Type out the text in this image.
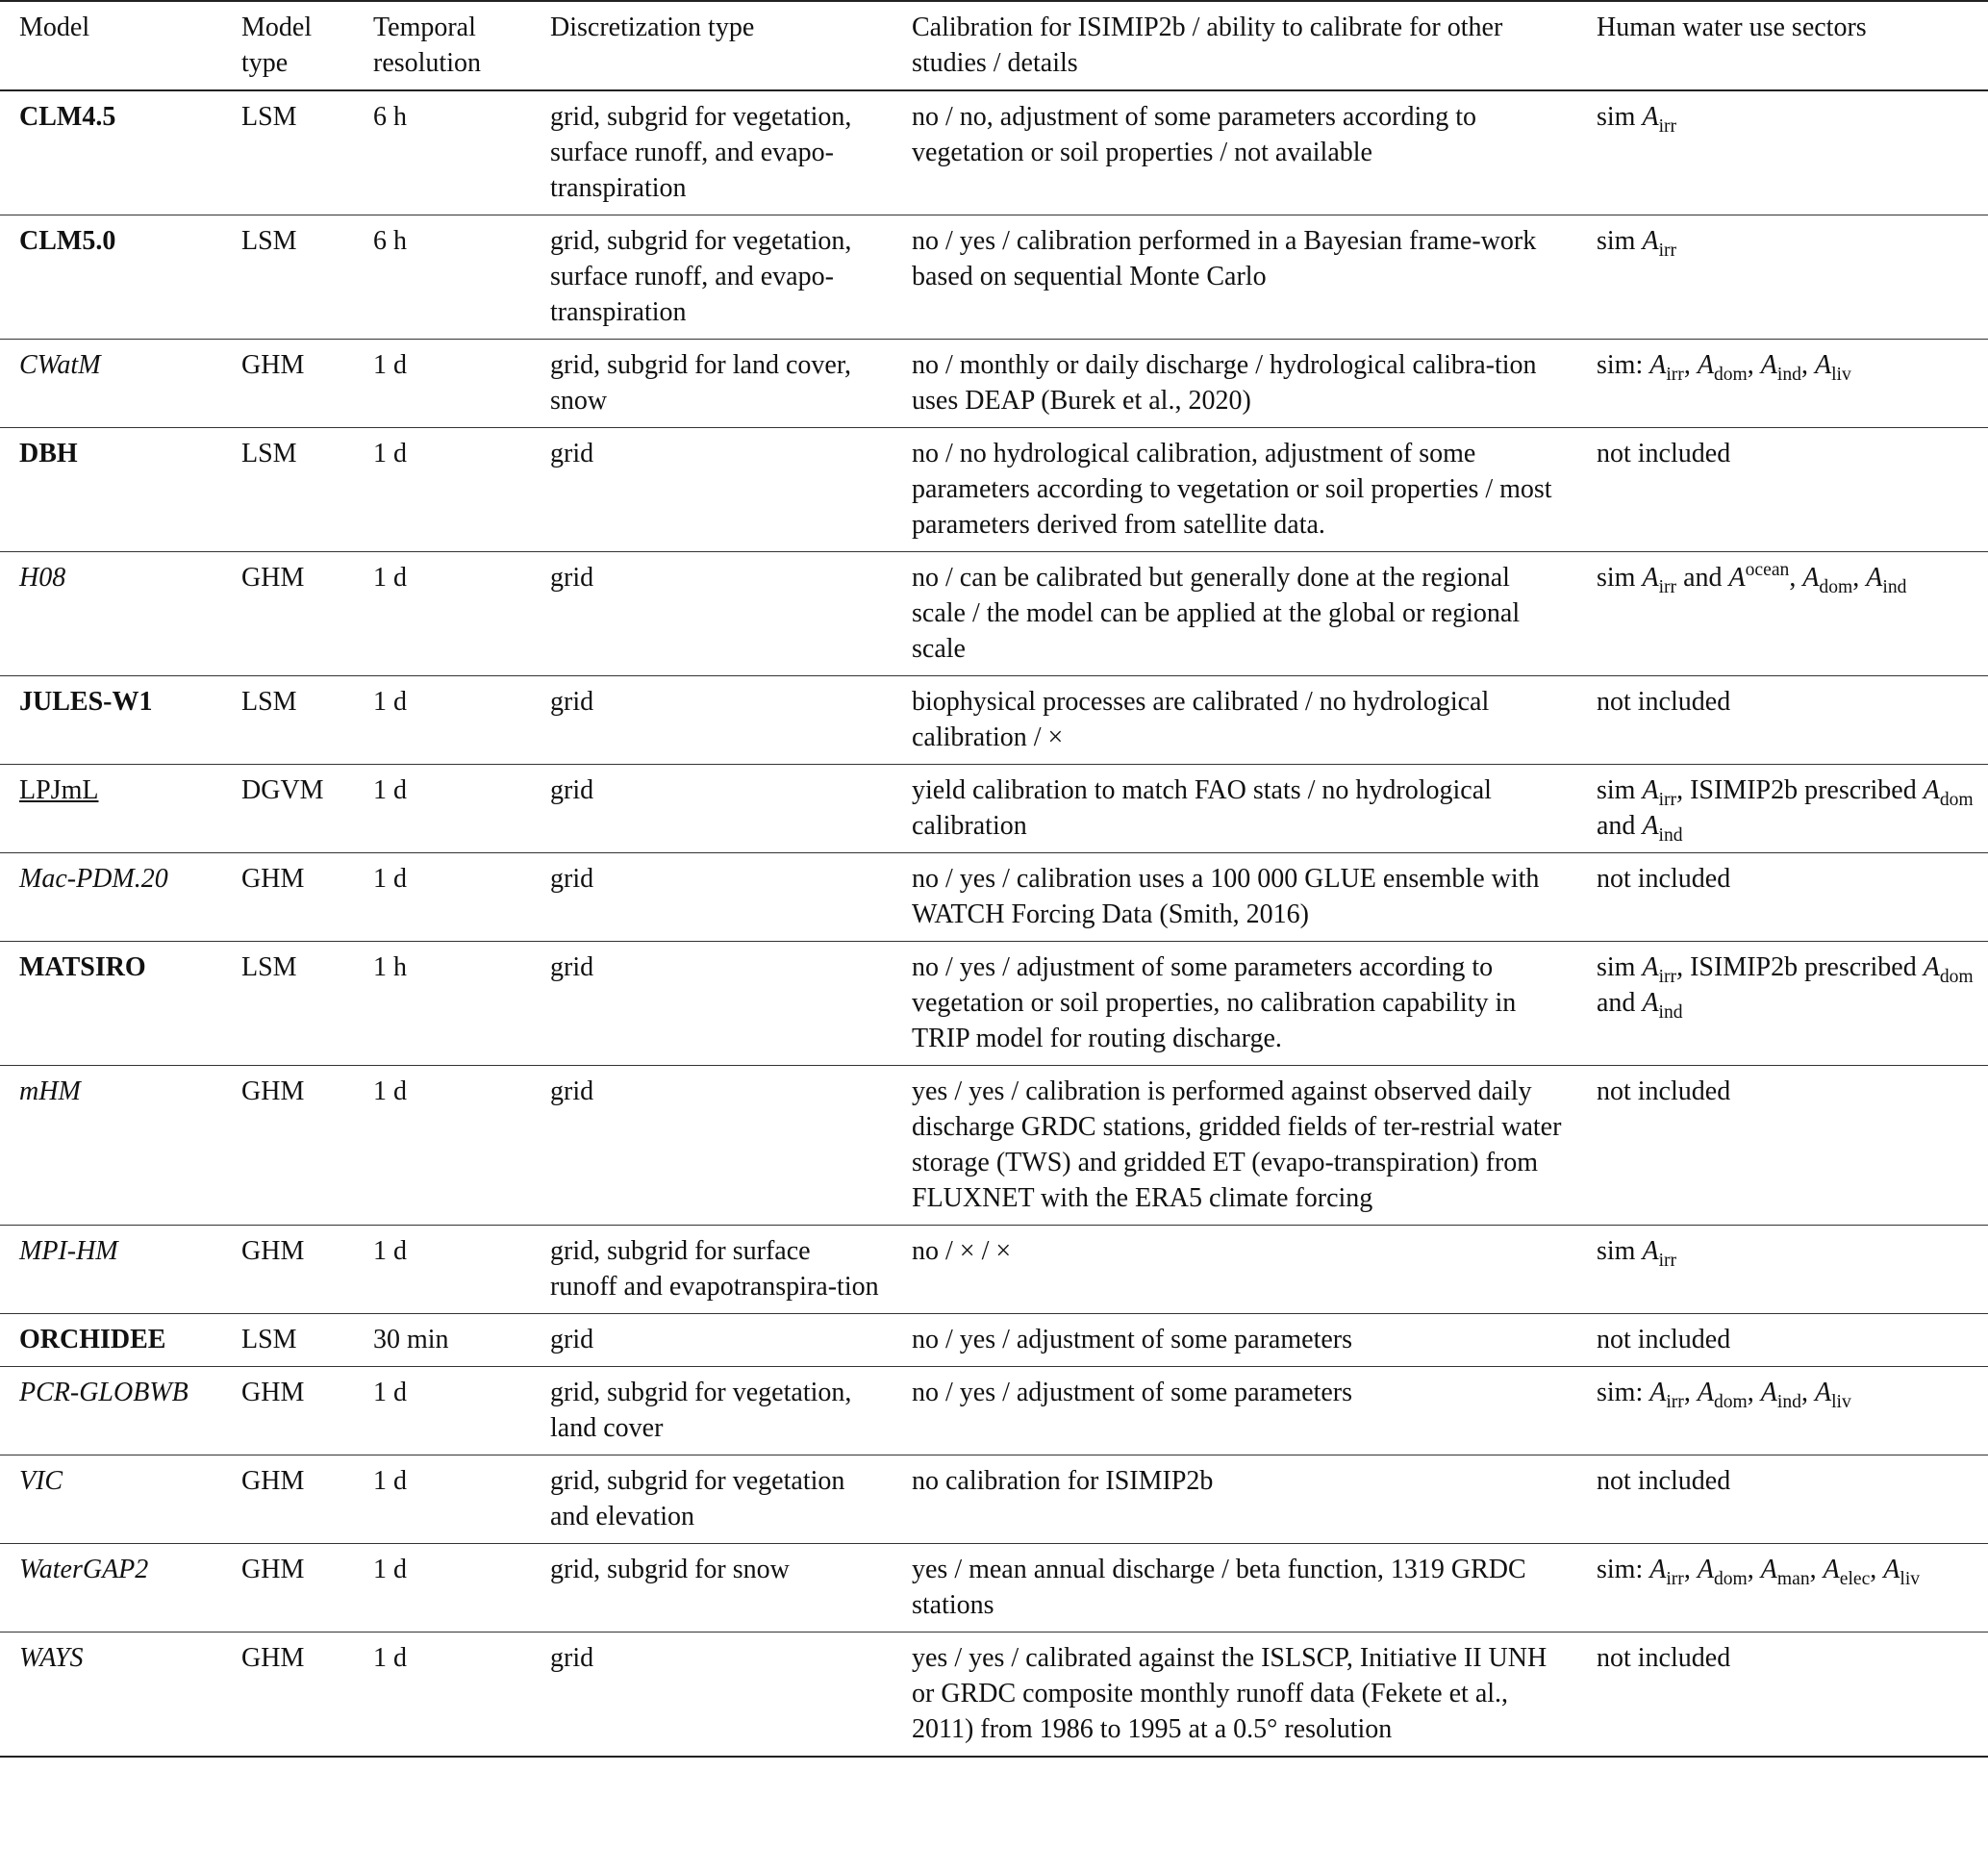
Model	Model type	Temporal resolution	Discretization type	Calibration for ISIMIP2b / ability to calibrate for other studies / details	Human water use sectors
CLM4.5	LSM	6 h	grid, subgrid for vegetation, surface runoff, and evapo-transpiration	no / no, adjustment of some parameters according to vegetation or soil properties / not available	sim $A_{irr}$
CLM5.0	LSM	6 h	grid, subgrid for vegetation, surface runoff, and evapo-transpiration	no / yes / calibration performed in a Bayesian frame-work based on sequential Monte Carlo	sim $A_{irr}$
CWatM	GHM	1 d	grid, subgrid for land cover, snow	no / monthly or daily discharge / hydrological calibra-tion uses DEAP (Burek et al., 2020)	sim: $A_{irr}$, $A_{dom}$, $A_{ind}$, $A_{liv}$
DBH	LSM	1 d	grid	no / no hydrological calibration, adjustment of some parameters according to vegetation or soil properties / most parameters derived from satellite data.	not included
H08	GHM	1 d	grid	no / can be calibrated but generally done at the regional scale / the model can be applied at the global or regional scale	sim $A_{irr}$ and $A^{ocean}$, $A_{dom}$, $A_{ind}$
JULES-W1	LSM	1 d	grid	biophysical processes are calibrated / no hydrological calibration / ×	not included
LPJmL	DGVM	1 d	grid	yield calibration to match FAO stats / no hydrological calibration	sim $A_{irr}$, ISIMIP2b prescribed $A_{dom}$ and $A_{ind}$
Mac-PDM.20	GHM	1 d	grid	no / yes / calibration uses a 100 000 GLUE ensemble with WATCH Forcing Data (Smith, 2016)	not included
MATSIRO	LSM	1 h	grid	no / yes / adjustment of some parameters according to vegetation or soil properties, no calibration capability in TRIP model for routing discharge.	sim $A_{irr}$, ISIMIP2b prescribed $A_{dom}$ and $A_{ind}$
mHM	GHM	1 d	grid	yes / yes / calibration is performed against observed daily discharge GRDC stations, gridded fields of ter-restrial water storage (TWS) and gridded ET (evapo-transpiration) from FLUXNET with the ERA5 climate forcing	not included
MPI-HM	GHM	1 d	grid, subgrid for surface runoff and evapotranspira-tion	no / × / ×	sim $A_{irr}$
ORCHIDEE	LSM	30 min	grid	no / yes / adjustment of some parameters	not included
PCR-GLOBWB	GHM	1 d	grid, subgrid for vegetation, land cover	no / yes / adjustment of some parameters	sim: $A_{irr}$, $A_{dom}$, $A_{ind}$, $A_{liv}$
VIC	GHM	1 d	grid, subgrid for vegetation and elevation	no calibration for ISIMIP2b	not included
WaterGAP2	GHM	1 d	grid, subgrid for snow	yes / mean annual discharge / beta function, 1319 GRDC stations	sim: $A_{irr}$, $A_{dom}$, $A_{man}$, $A_{elec}$, $A_{liv}$
WAYS	GHM	1 d	grid	yes / yes / calibrated against the ISLSCP, Initiative II UNH or GRDC composite monthly runoff data (Fekete et al., 2011) from 1986 to 1995 at a 0.5° resolution	not included
